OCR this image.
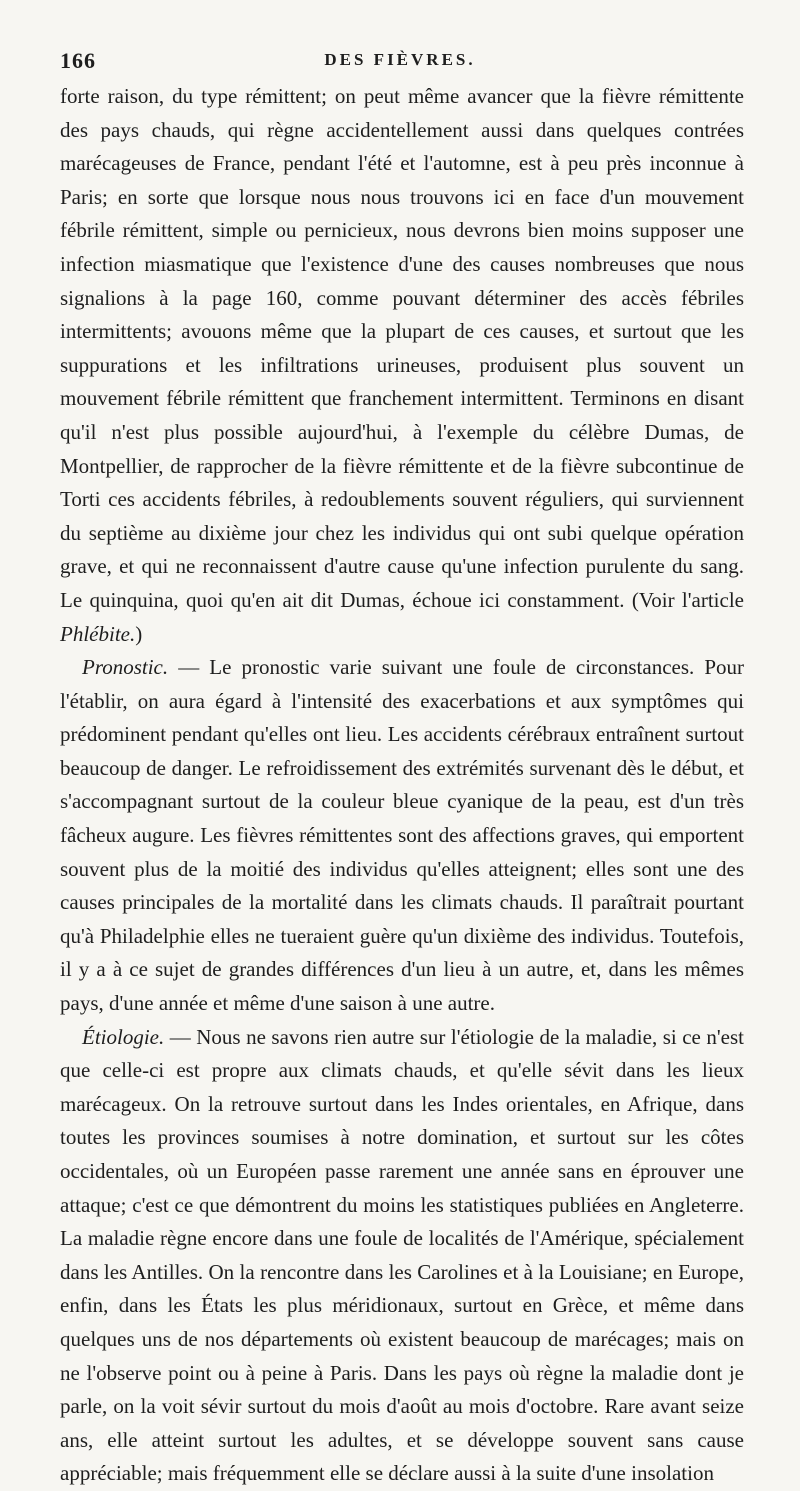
166	DES FIÈVRES.

forte raison, du type rémittent; on peut même avancer que la fièvre rémittente des pays chauds, qui règne accidentellement aussi dans quelques contrées marécageuses de France, pendant l'été et l'automne, est à peu près inconnue à Paris; en sorte que lorsque nous nous trouvons ici en face d'un mouvement fébrile rémittent, simple ou pernicieux, nous devrons bien moins supposer une infection miasmatique que l'existence d'une des causes nombreuses que nous signalions à la page 160, comme pouvant déterminer des accès fébriles intermittents; avouons même que la plupart de ces causes, et surtout que les suppurations et les infiltrations urineuses, produisent plus souvent un mouvement fébrile rémittent que franchement intermittent. Terminons en disant qu'il n'est plus possible aujourd'hui, à l'exemple du célèbre Dumas, de Montpellier, de rapprocher de la fièvre rémittente et de la fièvre subcontinue de Torti ces accidents fébriles, à redoublements souvent réguliers, qui surviennent du septième au dixième jour chez les individus qui ont subi quelque opération grave, et qui ne reconnaissent d'autre cause qu'une infection purulente du sang. Le quinquina, quoi qu'en ait dit Dumas, échoue ici constamment. (Voir l'article Phlébite.)

Pronostic. — Le pronostic varie suivant une foule de circonstances. Pour l'établir, on aura égard à l'intensité des exacerbations et aux symptômes qui prédominent pendant qu'elles ont lieu. Les accidents cérébraux entraînent surtout beaucoup de danger. Le refroidissement des extrémités survenant dès le début, et s'accompagnant surtout de la couleur bleue cyanique de la peau, est d'un très fâcheux augure. Les fièvres rémittentes sont des affections graves, qui emportent souvent plus de la moitié des individus qu'elles atteignent; elles sont une des causes principales de la mortalité dans les climats chauds. Il paraîtrait pourtant qu'à Philadelphie elles ne tueraient guère qu'un dixième des individus. Toutefois, il y a à ce sujet de grandes différences d'un lieu à un autre, et, dans les mêmes pays, d'une année et même d'une saison à une autre.

Étiologie. — Nous ne savons rien autre sur l'étiologie de la maladie, si ce n'est que celle-ci est propre aux climats chauds, et qu'elle sévit dans les lieux marécageux. On la retrouve surtout dans les Indes orientales, en Afrique, dans toutes les provinces soumises à notre domination, et surtout sur les côtes occidentales, où un Européen passe rarement une année sans en éprouver une attaque; c'est ce que démontrent du moins les statistiques publiées en Angleterre. La maladie règne encore dans une foule de localités de l'Amérique, spécialement dans les Antilles. On la rencontre dans les Carolines et à la Louisiane; en Europe, enfin, dans les États les plus méridionaux, surtout en Grèce, et même dans quelques uns de nos départements où existent beaucoup de marécages; mais on ne l'observe point ou à peine à Paris. Dans les pays où règne la maladie dont je parle, on la voit sévir surtout du mois d'août au mois d'octobre. Rare avant seize ans, elle atteint surtout les adultes, et se développe souvent sans cause appréciable; mais fréquemment elle se déclare aussi à la suite d'une insolation
